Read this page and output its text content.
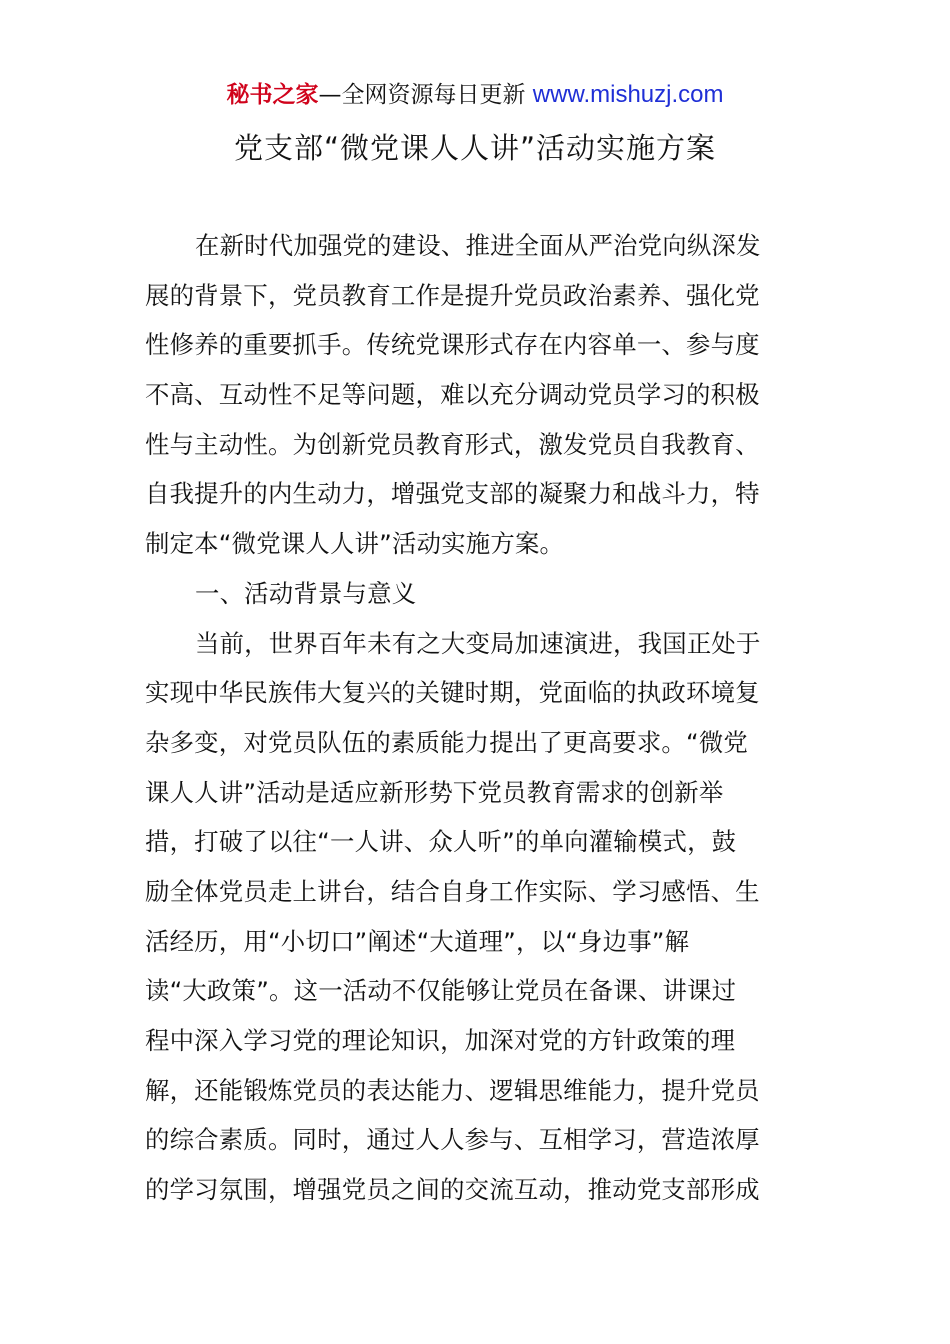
秘书之家—全网资源每日更新 www.mishuzj.com
党支部“微党课人人讲”活动实施方案
在新时代加强党的建设、推进全面从严治党向纵深发
展的背景下，党员教育工作是提升党员政治素养、强化党
性修养的重要抓手。传统党课形式存在内容单一、参与度
不高、互动性不足等问题，难以充分调动党员学习的积极
性与主动性。为创新党员教育形式，激发党员自我教育、
自我提升的内生动力，增强党支部的凝聚力和战斗力，特
制定本“微党课人人讲”活动实施方案。
一、活动背景与意义
当前，世界百年未有之大变局加速演进，我国正处于
实现中华民族伟大复兴的关键时期，党面临的执政环境复
杂多变，对党员队伍的素质能力提出了更高要求。“微党
课人人讲”活动是适应新形势下党员教育需求的创新举
措，打破了以往“一人讲、众人听”的单向灌输模式，鼓
励全体党员走上讲台，结合自身工作实际、学习感悟、生
活经历，用“小切口”阐述“大道理”，以“身边事”解
读“大政策”。这一活动不仅能够让党员在备课、讲课过
程中深入学习党的理论知识，加深对党的方针政策的理
解，还能锻炼党员的表达能力、逻辑思维能力，提升党员
的综合素质。同时，通过人人参与、互相学习，营造浓厚
的学习氛围，增强党员之间的交流互动，推动党支部形成
